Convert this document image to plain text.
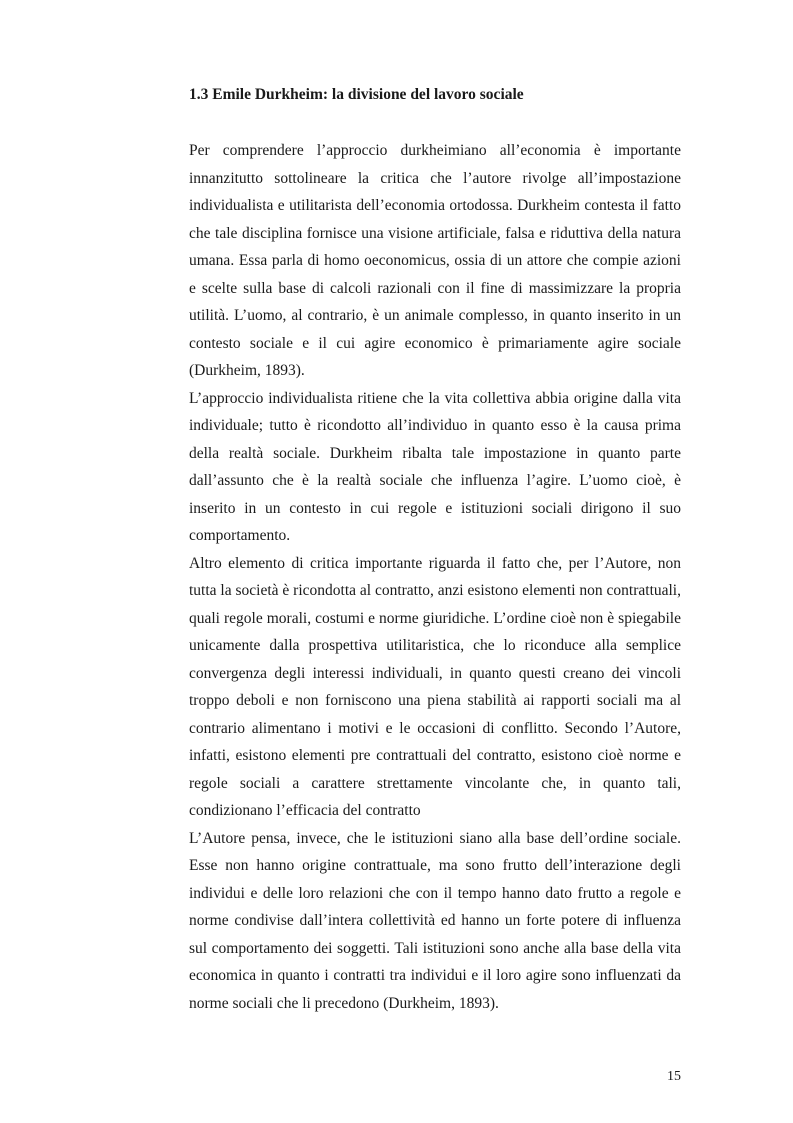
1.3 Emile Durkheim: la divisione del lavoro sociale

Per comprendere l’approccio durkheimiano all’economia è importante innanzitutto sottolineare la critica che l’autore rivolge all’impostazione individualista e utilitarista dell’economia ortodossa. Durkheim contesta il fatto che tale disciplina fornisce una visione artificiale, falsa e riduttiva della natura umana. Essa parla di homo oeconomicus, ossia di un attore che compie azioni e scelte sulla base di calcoli razionali con il fine di massimizzare la propria utilità. L’uomo, al contrario, è un animale complesso, in quanto inserito in un contesto sociale e il cui agire economico è primariamente agire sociale (Durkheim, 1893).

L’approccio individualista ritiene che la vita collettiva abbia origine dalla vita individuale; tutto è ricondotto all’individuo in quanto esso è la causa prima della realtà sociale. Durkheim ribalta tale impostazione in quanto parte dall’assunto che è la realtà sociale che influenza l’agire. L’uomo cioè, è inserito in un contesto in cui regole e istituzioni sociali dirigono il suo comportamento.

Altro elemento di critica importante riguarda il fatto che, per l’Autore, non tutta la società è ricondotta al contratto, anzi esistono elementi non contrattuali, quali regole morali, costumi e norme giuridiche. L’ordine cioè non è spiegabile unicamente dalla prospettiva utilitaristica, che lo riconduce alla semplice convergenza degli interessi individuali, in quanto questi creano dei vincoli troppo deboli e non forniscono una piena stabilità ai rapporti sociali ma al contrario alimentano i motivi e le occasioni di conflitto. Secondo l’Autore, infatti, esistono elementi pre contrattuali del contratto, esistono cioè norme e regole sociali a carattere strettamente vincolante che, in quanto tali, condizionano l’efficacia del contratto

L’Autore pensa, invece, che le istituzioni siano alla base dell’ordine sociale. Esse non hanno origine contrattuale, ma sono frutto dell’interazione degli individui e delle loro relazioni che con il tempo hanno dato frutto a regole e norme condivise dall’intera collettività ed hanno un forte potere di influenza sul comportamento dei soggetti. Tali istituzioni sono anche alla base della vita economica in quanto i contratti tra individui e il loro agire sono influenzati da norme sociali che li precedono (Durkheim, 1893).

15
